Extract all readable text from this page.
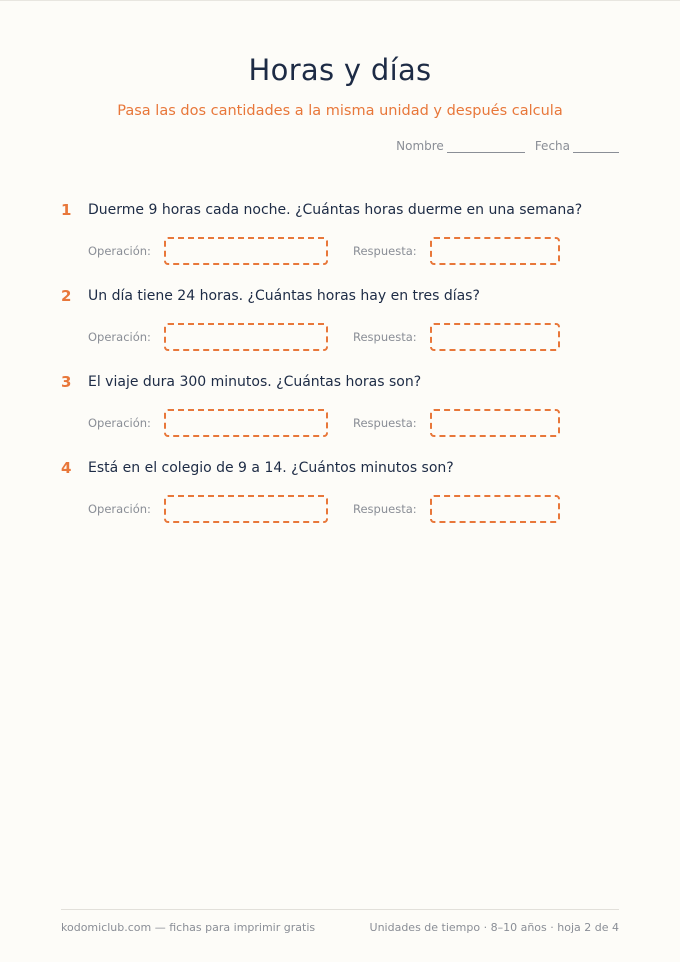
Horas y días
Pasa las dos cantidades a la misma unidad y después calcula
Nombre	Fecha
1 Duerme 9 horas cada noche. ¿Cuántas horas duerme en una semana?
Operación:	Respuesta:
2 Un día tiene 24 horas. ¿Cuántas horas hay en tres días?
Operación:	Respuesta:
3 El viaje dura 300 minutos. ¿Cuántas horas son?
Operación:	Respuesta:
4 Está en el colegio de 9 a 14. ¿Cuántos minutos son?
Operación:	Respuesta:
kodomiclub.com — fichas para imprimir gratis	Unidades de tiempo · 8–10 años · hoja 2 de 4
